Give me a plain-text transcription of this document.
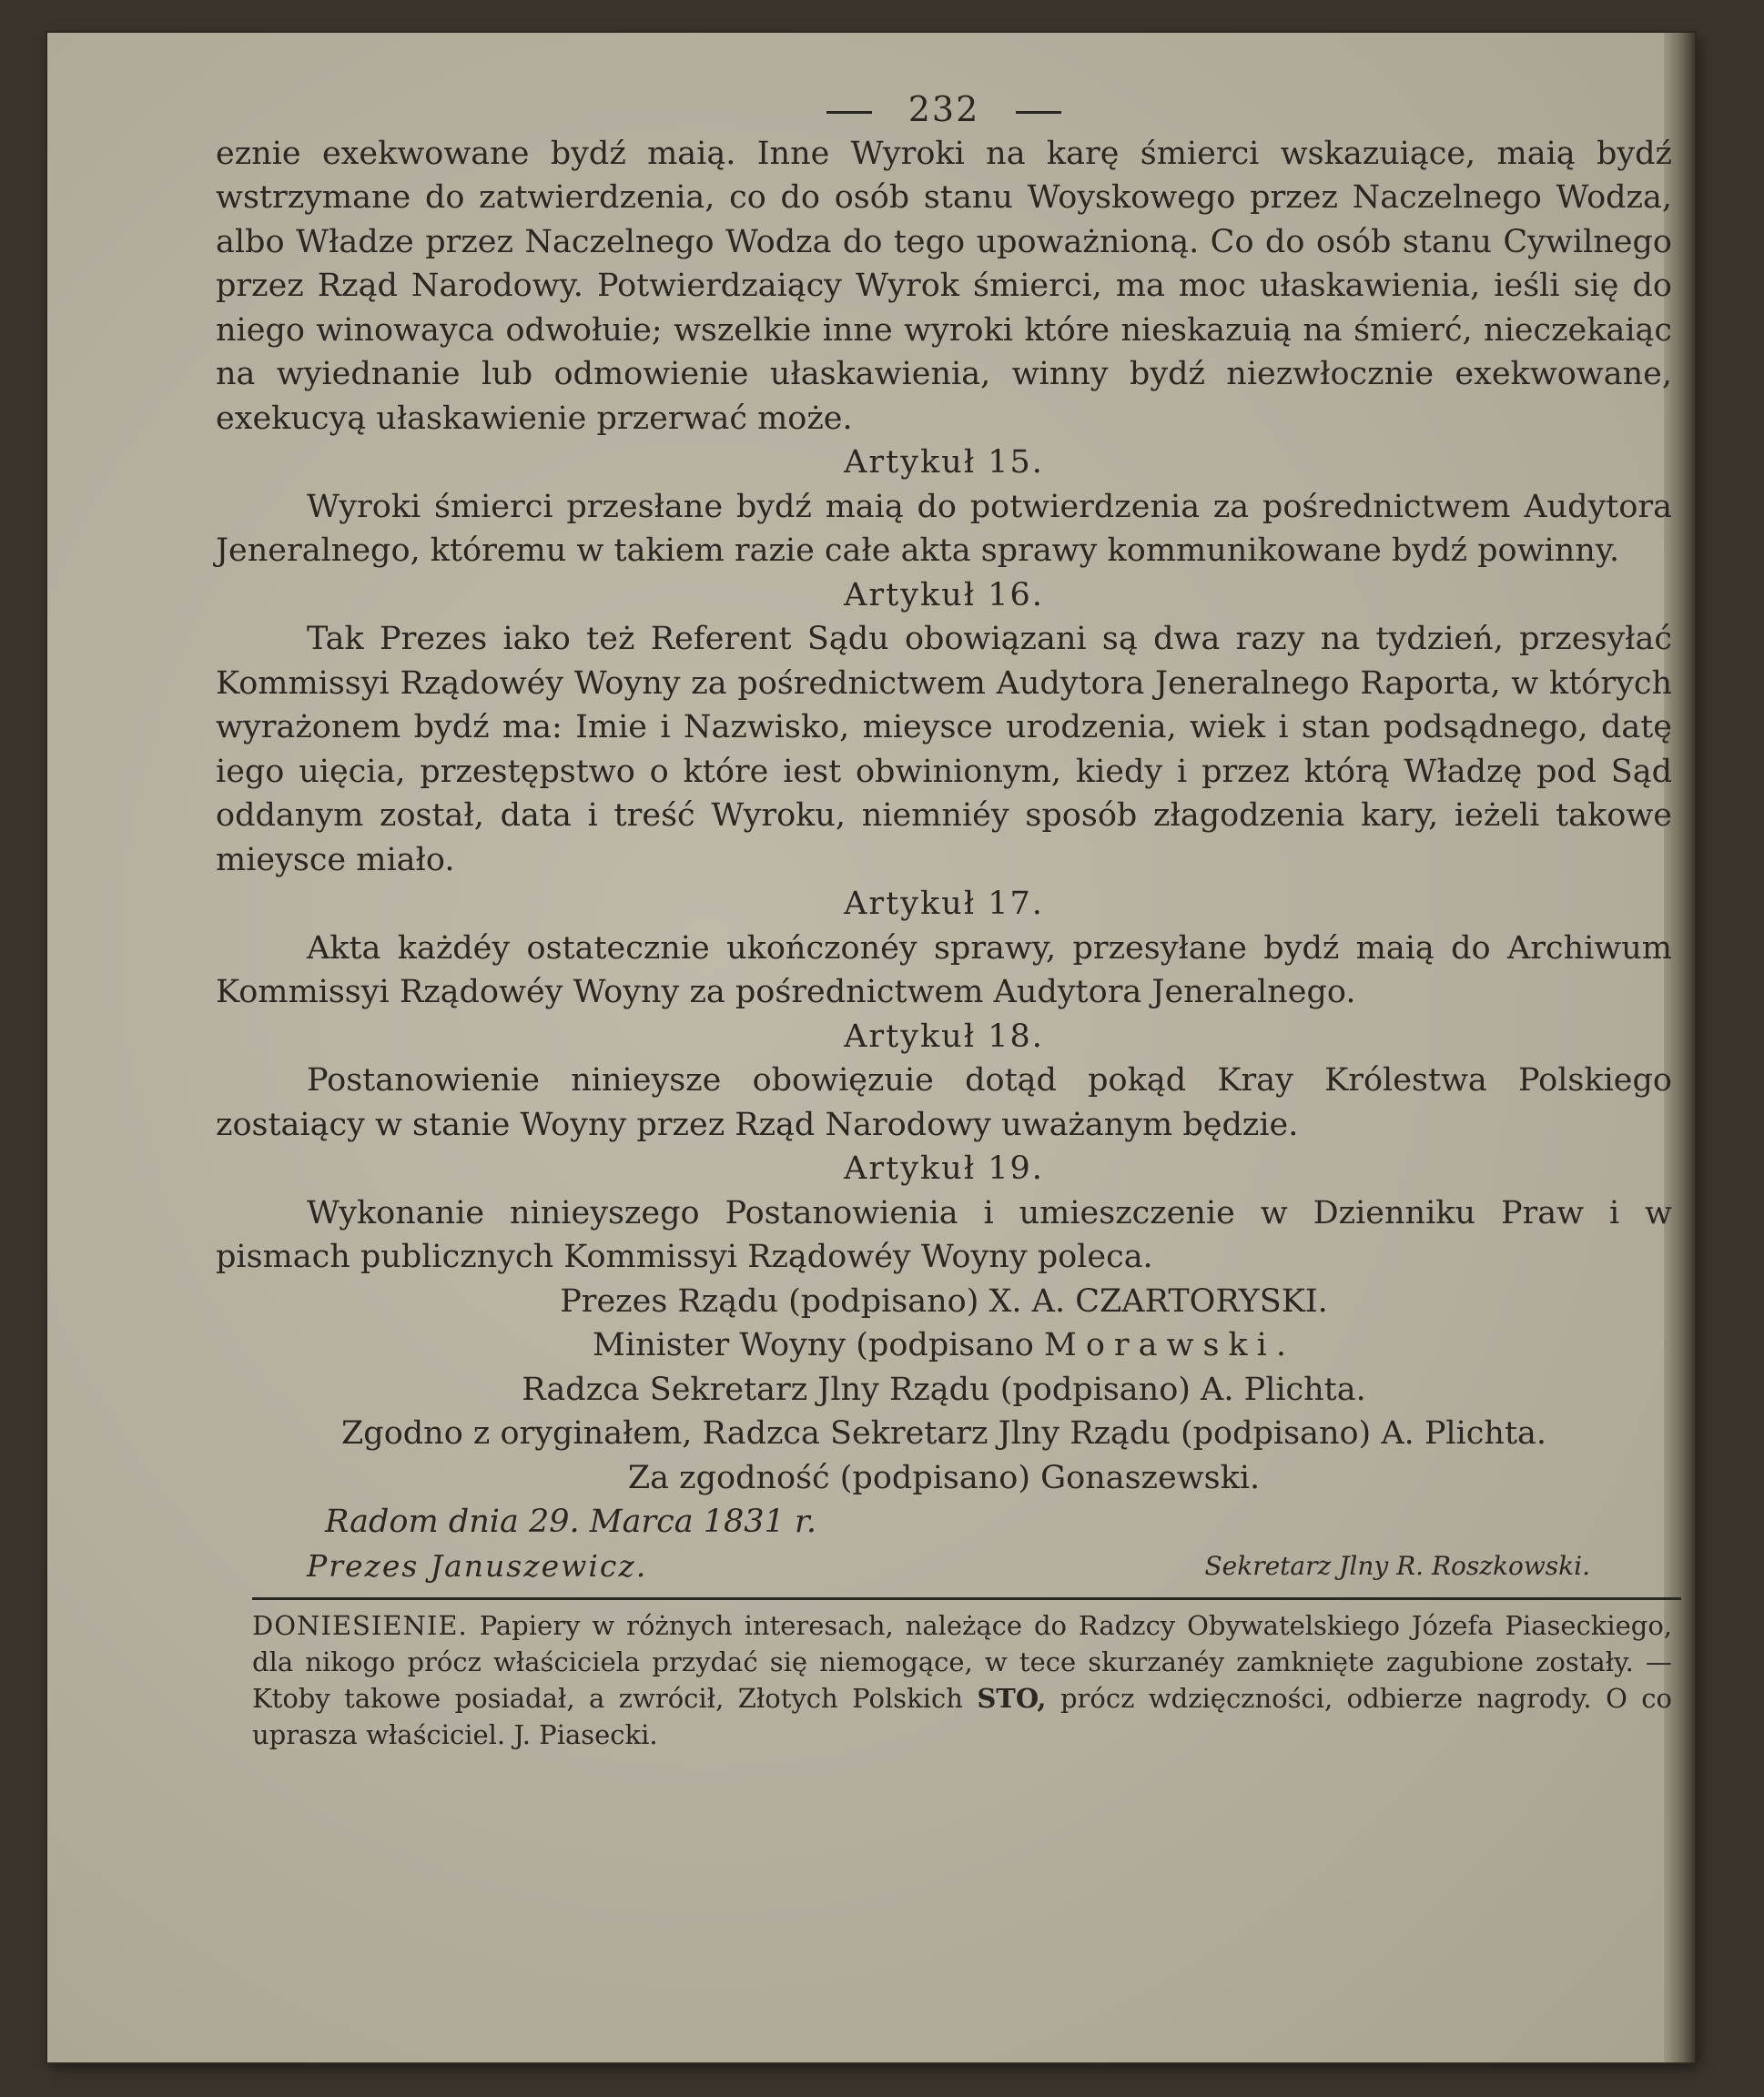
232

eznie exekwowane bydź maią. Inne Wyroki na karę śmierci wskazuiące, maią bydź wstrzymane do zatwierdzenia, co do osób stanu Woyskowego przez Naczelnego Wodza, albo Władze przez Naczelnego Wodza do tego upoważnioną. Co do osób stanu Cywilnego przez Rząd Narodowy. Potwierdzaiący Wyrok śmierci, ma moc ułaskawienia, ieśli się do niego winowayca odwołuie; wszelkie inne wyroki które nieskazuią na śmierć, nieczekaiąc na wyiednanie lub odmowienie ułaskawienia, winny bydź niezwłocznie exekwowane, exekucyą ułaskawienie przerwać może.

Artykuł 15.

Wyroki śmierci przesłane bydź maią do potwierdzenia za pośrednictwem Audytora Jeneralnego, któremu w takiem razie całe akta sprawy kommunikowane bydź powinny.

Artykuł 16.

Tak Prezes iako też Referent Sądu obowiązani są dwa razy na tydzień, przesyłać Kommissyi Rządowéy Woyny za pośrednictwem Audytora Jeneralnego Raporta, w których wyrażonem bydź ma: Imie i Nazwisko, mieysce urodzenia, wiek i stan podsądnego, datę iego uięcia, przestępstwo o które iest obwinionym, kiedy i przez którą Władzę pod Sąd oddanym został, data i treść Wyroku, niemniéy sposób złagodzenia kary, ieżeli takowe mieysce miało.

Artykuł 17.

Akta każdéy ostatecznie ukończonéy sprawy, przesyłane bydź maią do Archiwum Kommissyi Rządowéy Woyny za pośrednictwem Audytora Jeneralnego.

Artykuł 18.

Postanowienie ninieysze obowięzuie dotąd pokąd Kray Królestwa Polskiego zostaiący w stanie Woyny przez Rząd Narodowy uważanym będzie.

Artykuł 19.

Wykonanie ninieyszego Postanowienia i umieszczenie w Dzienniku Praw i w pismach publicznych Kommissyi Rządowéy Woyny poleca.

Prezes Rządu (podpisano) X. A. CZARTORYSKI.
Minister Woyny (podpisano Morawski.
Radzca Sekretarz Jlny Rządu (podpisano) A. Plichta.
Zgodno z oryginałem, Radzca Sekretarz Jlny Rządu (podpisano) A. Plichta.
Za zgodność (podpisano) Gonaszewski.
Radom dnia 29. Marca 1831 r.
Prezes Januszewicz.	Sekretarz Jlny R. Roszkowski.
DONIESIENIE. Papiery w różnych interesach, należące do Radzcy Obywatelskiego Józefa Piaseckiego, dla nikogo prócz właściciela przydać się niemogące, w tece skurzanéy zamknięte zagubione zostały. — Ktoby takowe posiadał, a zwrócił, Złotych Polskich STO, prócz wdzięczności, odbierze nagrody. O co uprasza właściciel. J. Piasecki.
